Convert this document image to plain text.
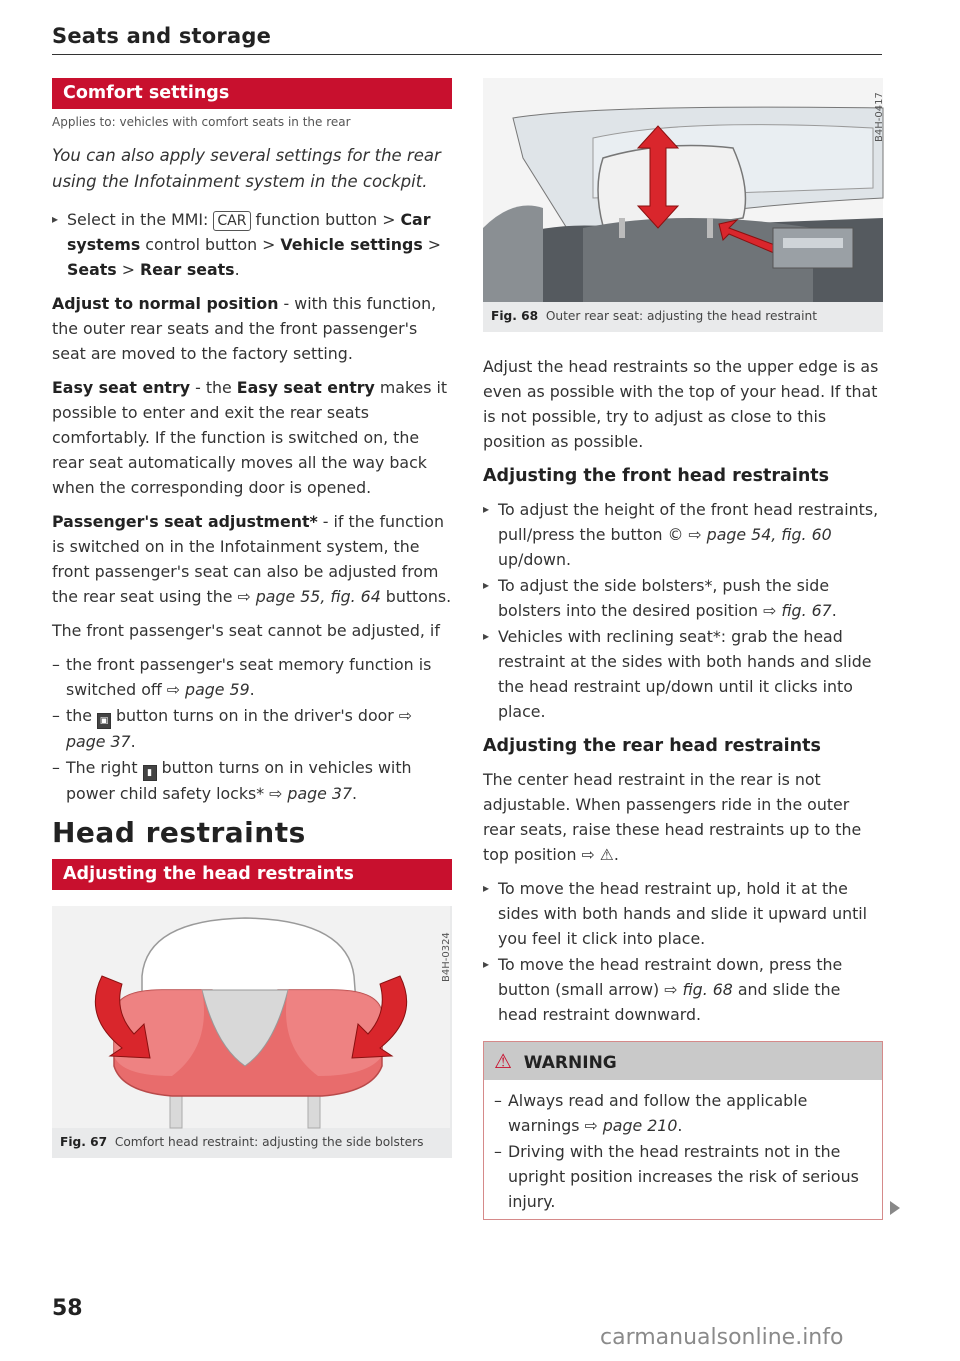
Seats and storage
Comfort settings
Applies to: vehicles with comfort seats in the rear

You can also apply several settings for the rear using the Infotainment system in the cockpit.

▸ Select in the MMI: CAR function button > Car systems control button > Vehicle settings > Seats > Rear seats.

Adjust to normal position - with this function, the outer rear seats and the front passenger's seat are moved to the factory setting.

Easy seat entry - the Easy seat entry makes it possible to enter and exit the rear seats comfortably. If the function is switched on, the rear seat automatically moves all the way back when the corresponding door is opened.

Passenger's seat adjustment* - if the function is switched on in the Infotainment system, the front passenger's seat can also be adjusted from the rear seat using the ⇨ page 55, fig. 64 buttons.

The front passenger's seat cannot be adjusted, if

– the front passenger's seat memory function is switched off ⇨ page 59.

– the ▣ button turns on in the driver's door ⇨ page 37.

– The right ▮ button turns on in vehicles with power child safety locks* ⇨ page 37.

Head restraints
Adjusting the head restraints
B4H-0324
Fig. 67 Comfort head restraint: adjusting the side bolsters
B4H-0417
Fig. 68 Outer rear seat: adjusting the head restraint

Adjust the head restraints so the upper edge is as even as possible with the top of your head. If that is not possible, try to adjust as close to this position as possible.

Adjusting the front head restraints

▸ To adjust the height of the front head restraints, pull/press the button © ⇨ page 54, fig. 60 up/down.

▸ To adjust the side bolsters*, push the side bolsters into the desired position ⇨ fig. 67.

▸ Vehicles with reclining seat*: grab the head restraint at the sides with both hands and slide the head restraint up/down until it clicks into place.

Adjusting the rear head restraints

The center head restraint in the rear is not adjustable. When passengers ride in the outer rear seats, raise these head restraints up to the top position ⇨ ⚠.

▸ To move the head restraint up, hold it at the sides with both hands and slide it upward until you feel it click into place.

▸ To move the head restraint down, press the button (small arrow) ⇨ fig. 68 and slide the head restraint downward.

⚠ WARNING

– Always read and follow the applicable warnings ⇨ page 210.

– Driving with the head restraints not in the upright position increases the risk of serious injury.

58
carmanualsonline.info
